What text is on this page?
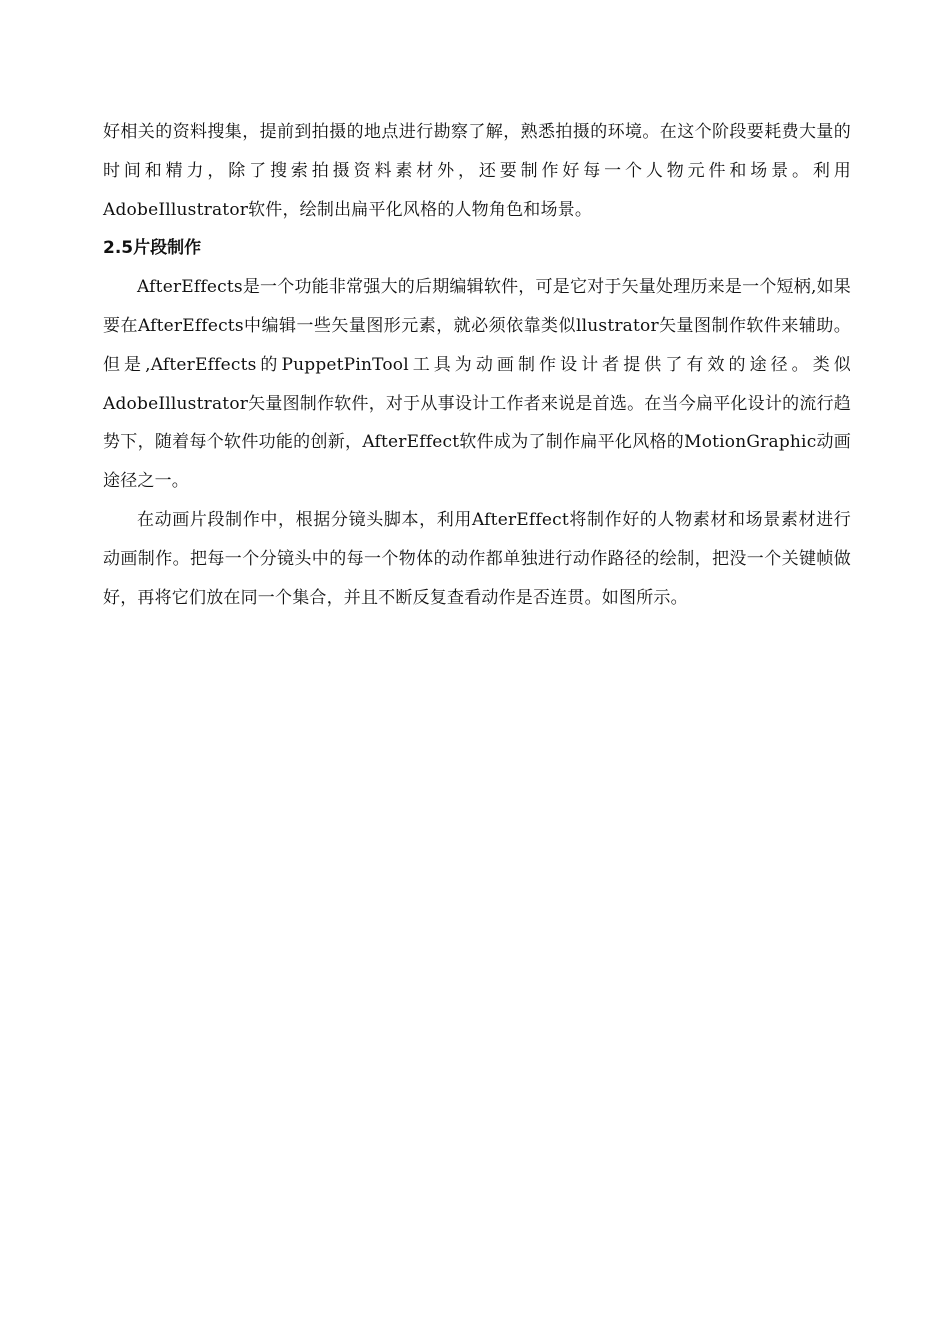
好相关的资料搜集，提前到拍摄的地点进行勘察了解，熟悉拍摄的环境。在这个阶段要耗费大量的时间和精力，除了搜索拍摄资料素材外，还要制作好每一个人物元件和场景。利用AdobeIllustrator软件，绘制出扁平化风格的人物角色和场景。

2.5片段制作

AfterEffects是一个功能非常强大的后期编辑软件，可是它对于矢量处理历来是一个短柄,如果要在AfterEffects中编辑一些矢量图形元素，就必须依靠类似llustrator矢量图制作软件来辅助。但是,AfterEffects的PuppetPinTool工具为动画制作设计者提供了有效的途径。类似AdobeIllustrator矢量图制作软件，对于从事设计工作者来说是首选。在当今扁平化设计的流行趋势下，随着每个软件功能的创新，AfterEffect软件成为了制作扁平化风格的MotionGraphic动画途径之一。

在动画片段制作中，根据分镜头脚本，利用AfterEffect将制作好的人物素材和场景素材进行动画制作。把每一个分镜头中的每一个物体的动作都单独进行动作路径的绘制，把没一个关键帧做好，再将它们放在同一个集合，并且不断反复查看动作是否连贯。如图所示。
